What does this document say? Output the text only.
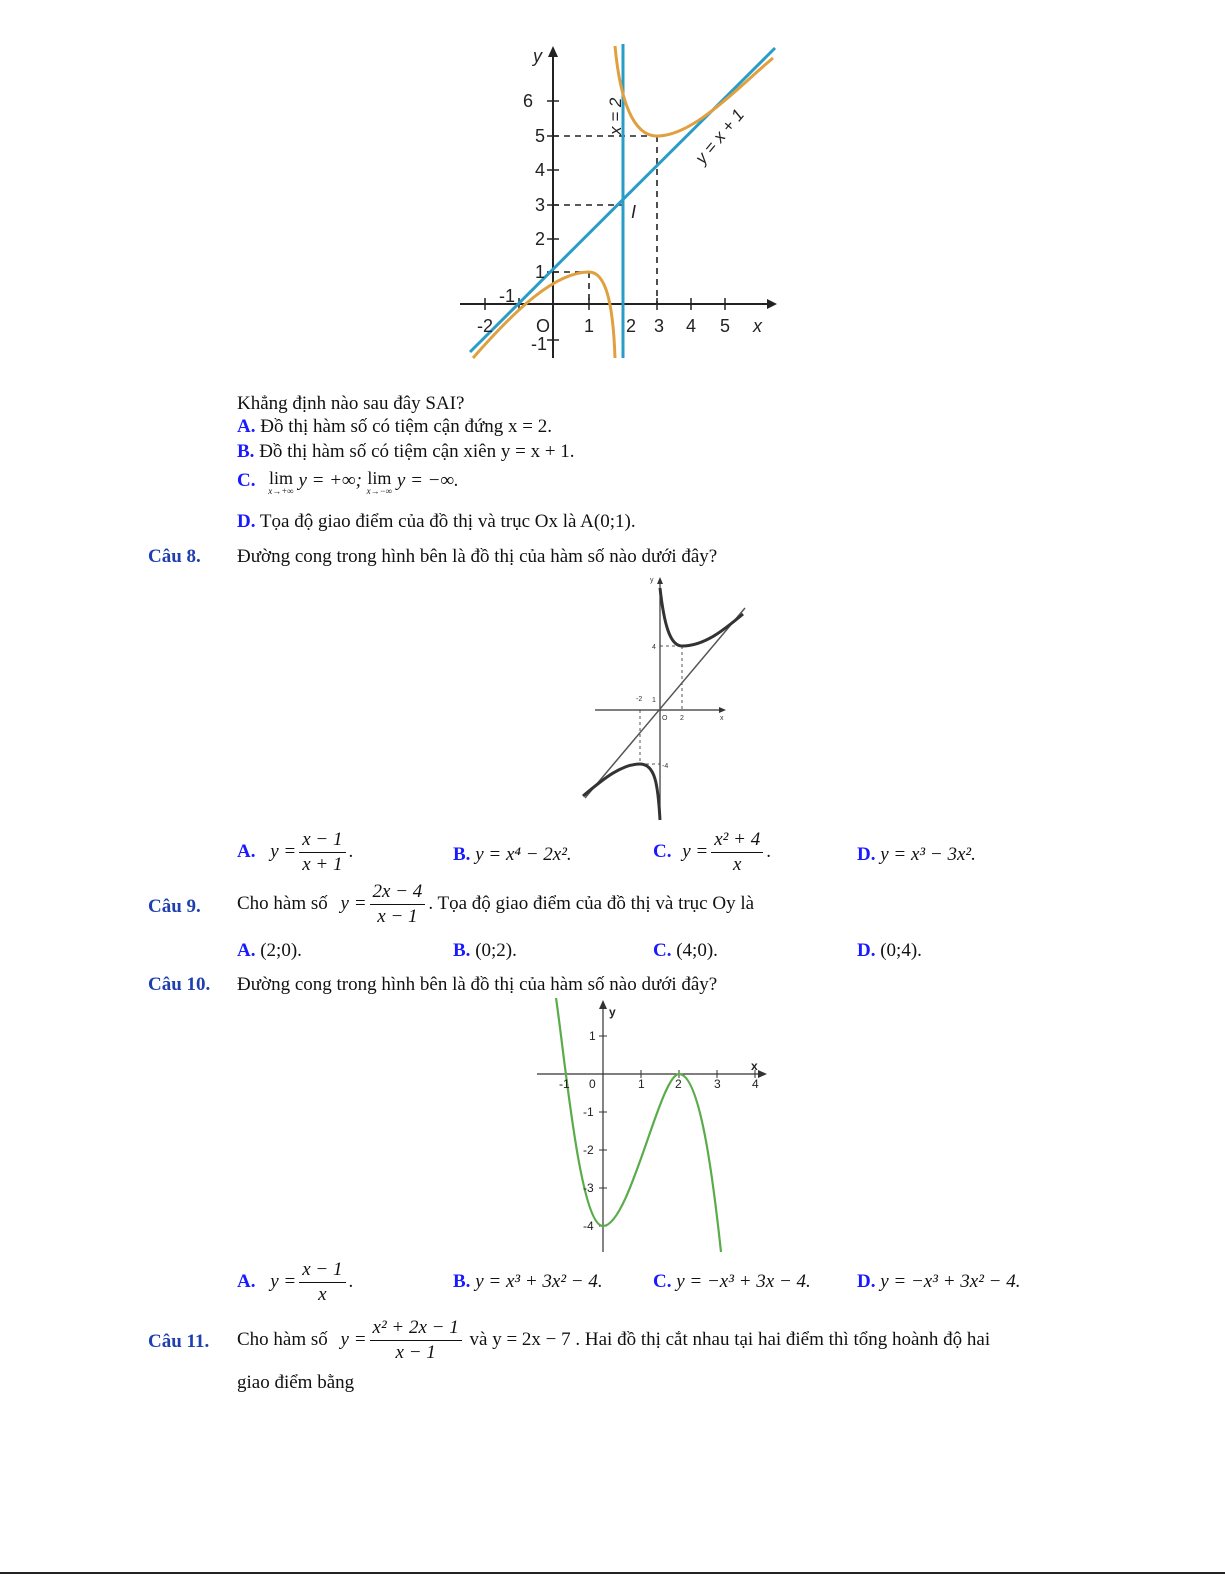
y
x
6
5
4
3
2
1
-1
-1
-2 O 1 2 3 4 5
I
x = 2	y = x + 1
Khẳng định nào sau đây SAI?
A. Đồ thị hàm số có tiệm cận đứng x = 2.
B. Đồ thị hàm số có tiệm cận xiên y = x + 1.
C. lim
x→+∞ y = +∞; lim
x→−∞ y = −∞.
D. Tọa độ giao điểm của đồ thị và trục Ox là A(0;1).
Câu 8. Đường cong trong hình bên là đồ thị của hàm số nào dưới đây?
y
x
4
-4
-2 1
O 2
A. $y = \frac{x - 1}{x + 1}$ .	B. y = x⁴ − 2x².	C. $y = \frac{\text{x² + 4}}{x}$ .	D. y = x³ − 3x².
Câu 9. Cho hàm số $y = \frac{2x - 4}{x - 1}$ . Tọa độ giao điểm của đồ thị và trục Oy là
A. (2;0).	B. (0;2).	C. (4;0).	D. (0;4).
Câu 10. Đường cong trong hình bên là đồ thị của hàm số nào dưới đây?
y
x
-1 0	1	2	3	4
1
-1
-2
-3
-4
A. $y = \frac{x - 1}{x}$ .	B. y = x³ + 3x² − 4.	C. y = −x³ + 3x − 4. D. y = −x³ + 3x² − 4.
Câu 11. Cho hàm số $y = \frac{\text{x² + 2x − 1}}{x - 1}$ và y = 2x − 7 . Hai đồ thị cắt nhau tại hai điểm thì tổng hoành độ hai
giao điểm bằng
